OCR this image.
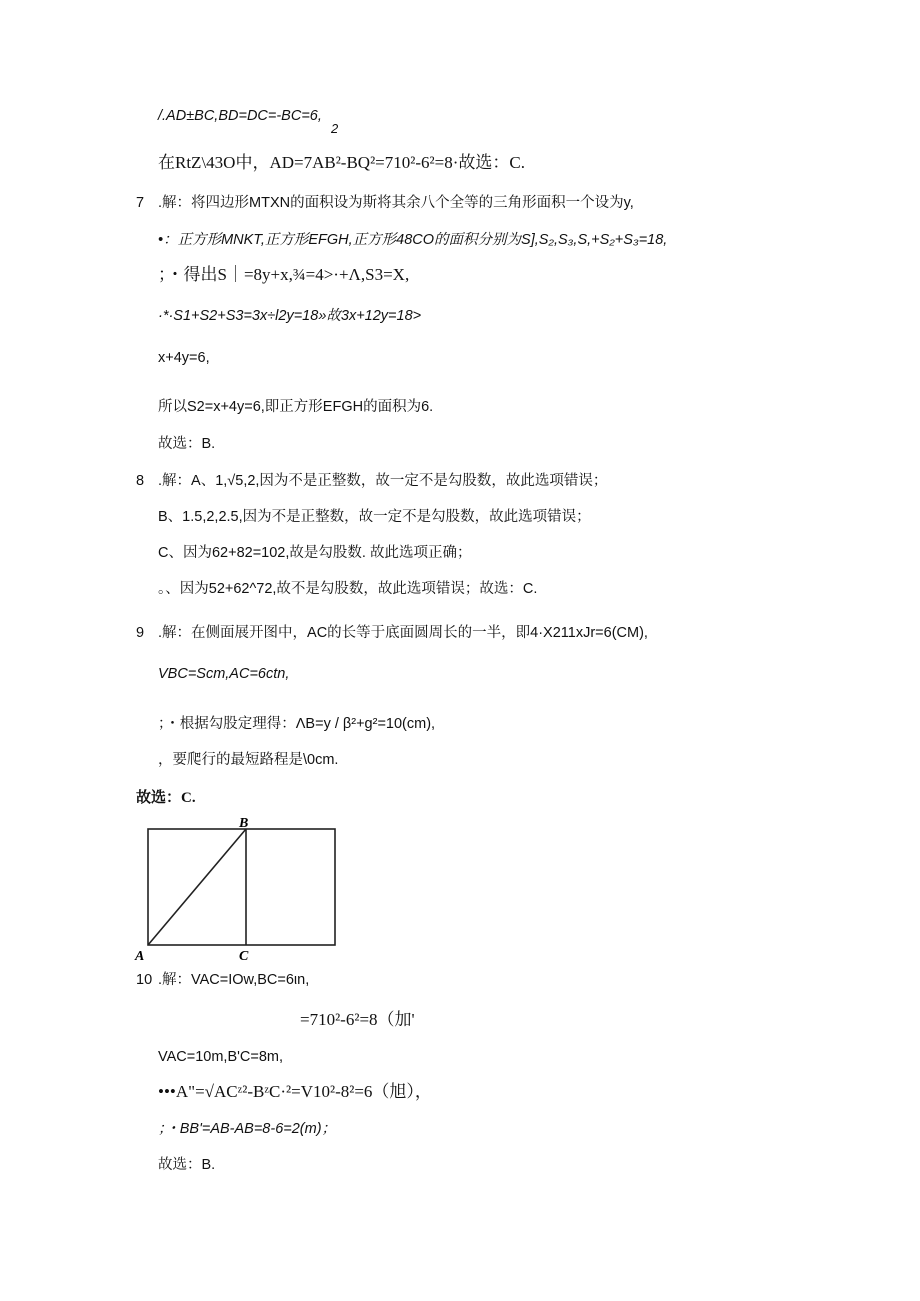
/.AD±BC,BD=DC=-BC=6,
2
在RtZ\43O中，AD=7AB²-BQ²=710²-6²=8·故选：C.
7 .解：将四边形MTXN的面积设为斯将其余八个全等的三角形面积一个设为y,
•：正方形MNKT,正方形EFGH,正方形48CO的面积分别为S],S₂,S₃,S,+S₂+S₃=18,
；・得出S｜=8y+x,¾=4>·+Λ,S3=X,
·*·S1+S2+S3=3x÷l2y=18»故3x+12y=18>
x+4y=6,
所以S2=x+4y=6,即正方形EFGH的面积为6.
故选：B.
8 .解：A、1,√5,2,因为不是正整数，故一定不是勾股数，故此选项错误；
B、1.5,2,2.5,因为不是正整数，故一定不是勾股数，故此选项错误；
C、因为62+82=102,故是勾股数. 故此选项正确；
。、因为52+62^72,故不是勾股数，故此选项错误；故选：C.
9 .解：在侧面展开图中，AC的长等于底面圆周长的一半，即4·X211xJr=6(CM),
VBC=Scm,AC=6ctn,
；・根据勾股定理得：ΛB=y / β²+g²=10(cm),
，要爬行的最短路程是\0cm.
故选：C.
B
A	C
10 .解：VAC=IOw,BC=6ιn,
=710²-6²=8（加'
VAC=10m,B'C=8m,
•••A"=√ACᶻ²-BᶻC·²=V10²-8²=6（旭），
；・BB'=AB-AB=8-6=2(m)；
故选：B.
